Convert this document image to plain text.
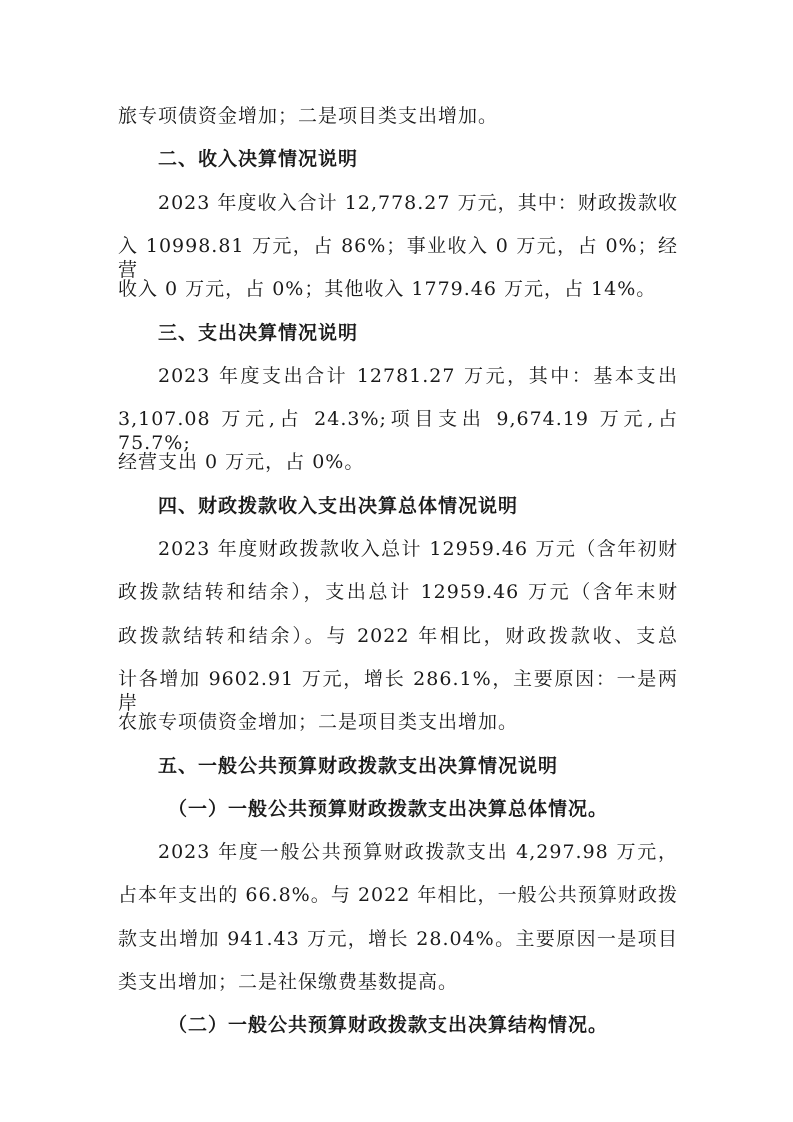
旅专项债资金增加；二是项目类支出增加。
二、收入决算情况说明
2023 年度收入合计 12,778.27 万元，其中：财政拨款收
入 10998.81 万元，占 86%；事业收入 0 万元，占 0%；经营
收入 0 万元，占 0%；其他收入 1779.46 万元，占 14%。
三、支出决算情况说明
2023 年度支出合计 12781.27 万元，其中：基本支出
3,107.08 万元,占 24.3%;项目支出 9,674.19 万元,占 75.7%;
经营支出 0 万元，占 0%。
四、财政拨款收入支出决算总体情况说明
2023 年度财政拨款收入总计 12959.46 万元（含年初财
政拨款结转和结余），支出总计 12959.46 万元（含年末财
政拨款结转和结余）。与 2022 年相比，财政拨款收、支总
计各增加 9602.91 万元，增长 286.1%，主要原因：一是两岸
农旅专项债资金增加；二是项目类支出增加。
五、一般公共预算财政拨款支出决算情况说明
（一）一般公共预算财政拨款支出决算总体情况。
2023 年度一般公共预算财政拨款支出 4,297.98 万元，
占本年支出的 66.8%。与 2022 年相比，一般公共预算财政拨
款支出增加 941.43 万元，增长 28.04%。主要原因一是项目
类支出增加；二是社保缴费基数提高。
（二）一般公共预算财政拨款支出决算结构情况。
